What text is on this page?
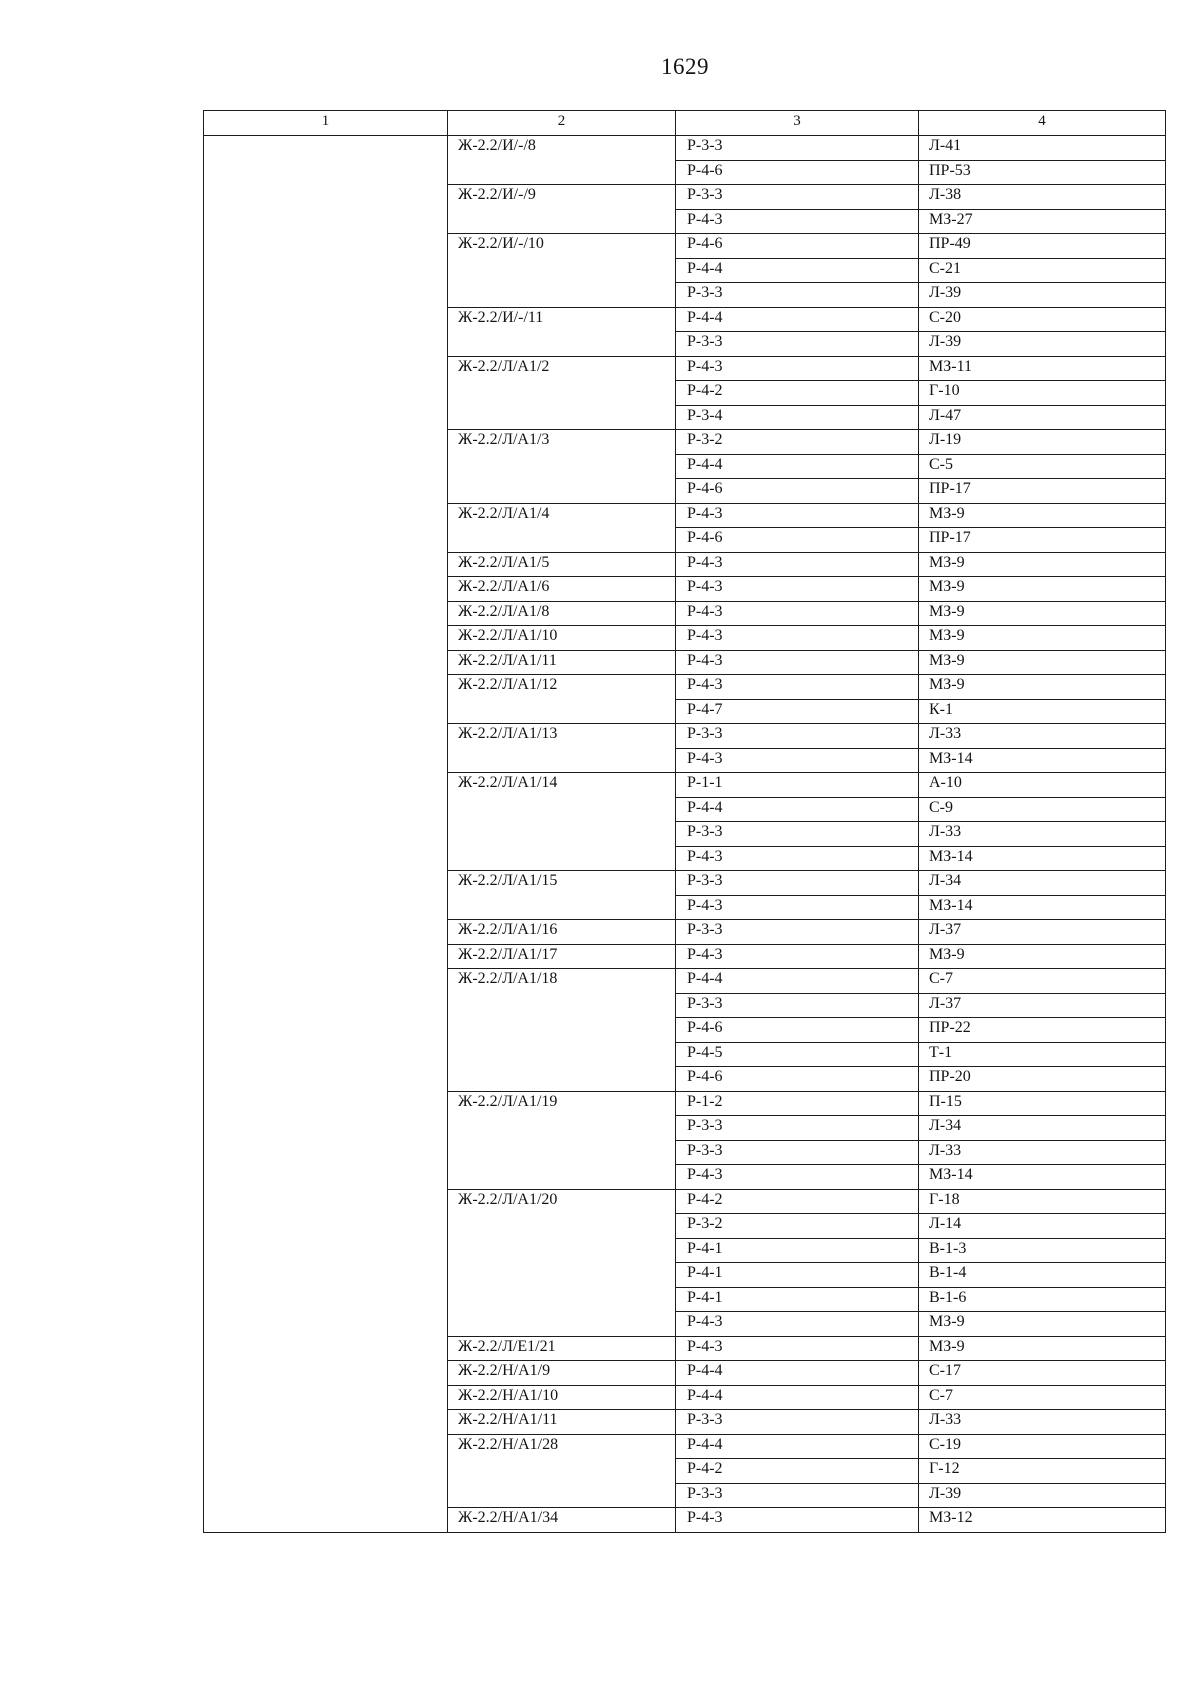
1629
1	2	3	4
	Ж-2.2/И/-/8	Р-3-3	Л-41
		Р-4-6	ПР-53
	Ж-2.2/И/-/9	Р-3-3	Л-38
		Р-4-3	МЗ-27
	Ж-2.2/И/-/10	Р-4-6	ПР-49
		Р-4-4	С-21
		Р-3-3	Л-39
	Ж-2.2/И/-/11	Р-4-4	С-20
		Р-3-3	Л-39
	Ж-2.2/Л/А1/2	Р-4-3	МЗ-11
		Р-4-2	Г-10
		Р-3-4	Л-47
	Ж-2.2/Л/А1/3	Р-3-2	Л-19
		Р-4-4	С-5
		Р-4-6	ПР-17
	Ж-2.2/Л/А1/4	Р-4-3	МЗ-9
		Р-4-6	ПР-17
	Ж-2.2/Л/А1/5	Р-4-3	МЗ-9
	Ж-2.2/Л/А1/6	Р-4-3	МЗ-9
	Ж-2.2/Л/А1/8	Р-4-3	МЗ-9
	Ж-2.2/Л/А1/10	Р-4-3	МЗ-9
	Ж-2.2/Л/А1/11	Р-4-3	МЗ-9
	Ж-2.2/Л/А1/12	Р-4-3	МЗ-9
		Р-4-7	К-1
	Ж-2.2/Л/А1/13	Р-3-3	Л-33
		Р-4-3	МЗ-14
	Ж-2.2/Л/А1/14	Р-1-1	А-10
		Р-4-4	С-9
		Р-3-3	Л-33
		Р-4-3	МЗ-14
	Ж-2.2/Л/А1/15	Р-3-3	Л-34
		Р-4-3	МЗ-14
	Ж-2.2/Л/А1/16	Р-3-3	Л-37
	Ж-2.2/Л/А1/17	Р-4-3	МЗ-9
	Ж-2.2/Л/А1/18	Р-4-4	С-7
		Р-3-3	Л-37
		Р-4-6	ПР-22
		Р-4-5	Т-1
		Р-4-6	ПР-20
	Ж-2.2/Л/А1/19	Р-1-2	П-15
		Р-3-3	Л-34
		Р-3-3	Л-33
		Р-4-3	МЗ-14
	Ж-2.2/Л/А1/20	Р-4-2	Г-18
		Р-3-2	Л-14
		Р-4-1	В-1-3
		Р-4-1	В-1-4
		Р-4-1	В-1-6
		Р-4-3	МЗ-9
	Ж-2.2/Л/Е1/21	Р-4-3	МЗ-9
	Ж-2.2/Н/А1/9	Р-4-4	С-17
	Ж-2.2/Н/А1/10	Р-4-4	С-7
	Ж-2.2/Н/А1/11	Р-3-3	Л-33
	Ж-2.2/Н/А1/28	Р-4-4	С-19
		Р-4-2	Г-12
		Р-3-3	Л-39
	Ж-2.2/Н/А1/34	Р-4-3	МЗ-12
